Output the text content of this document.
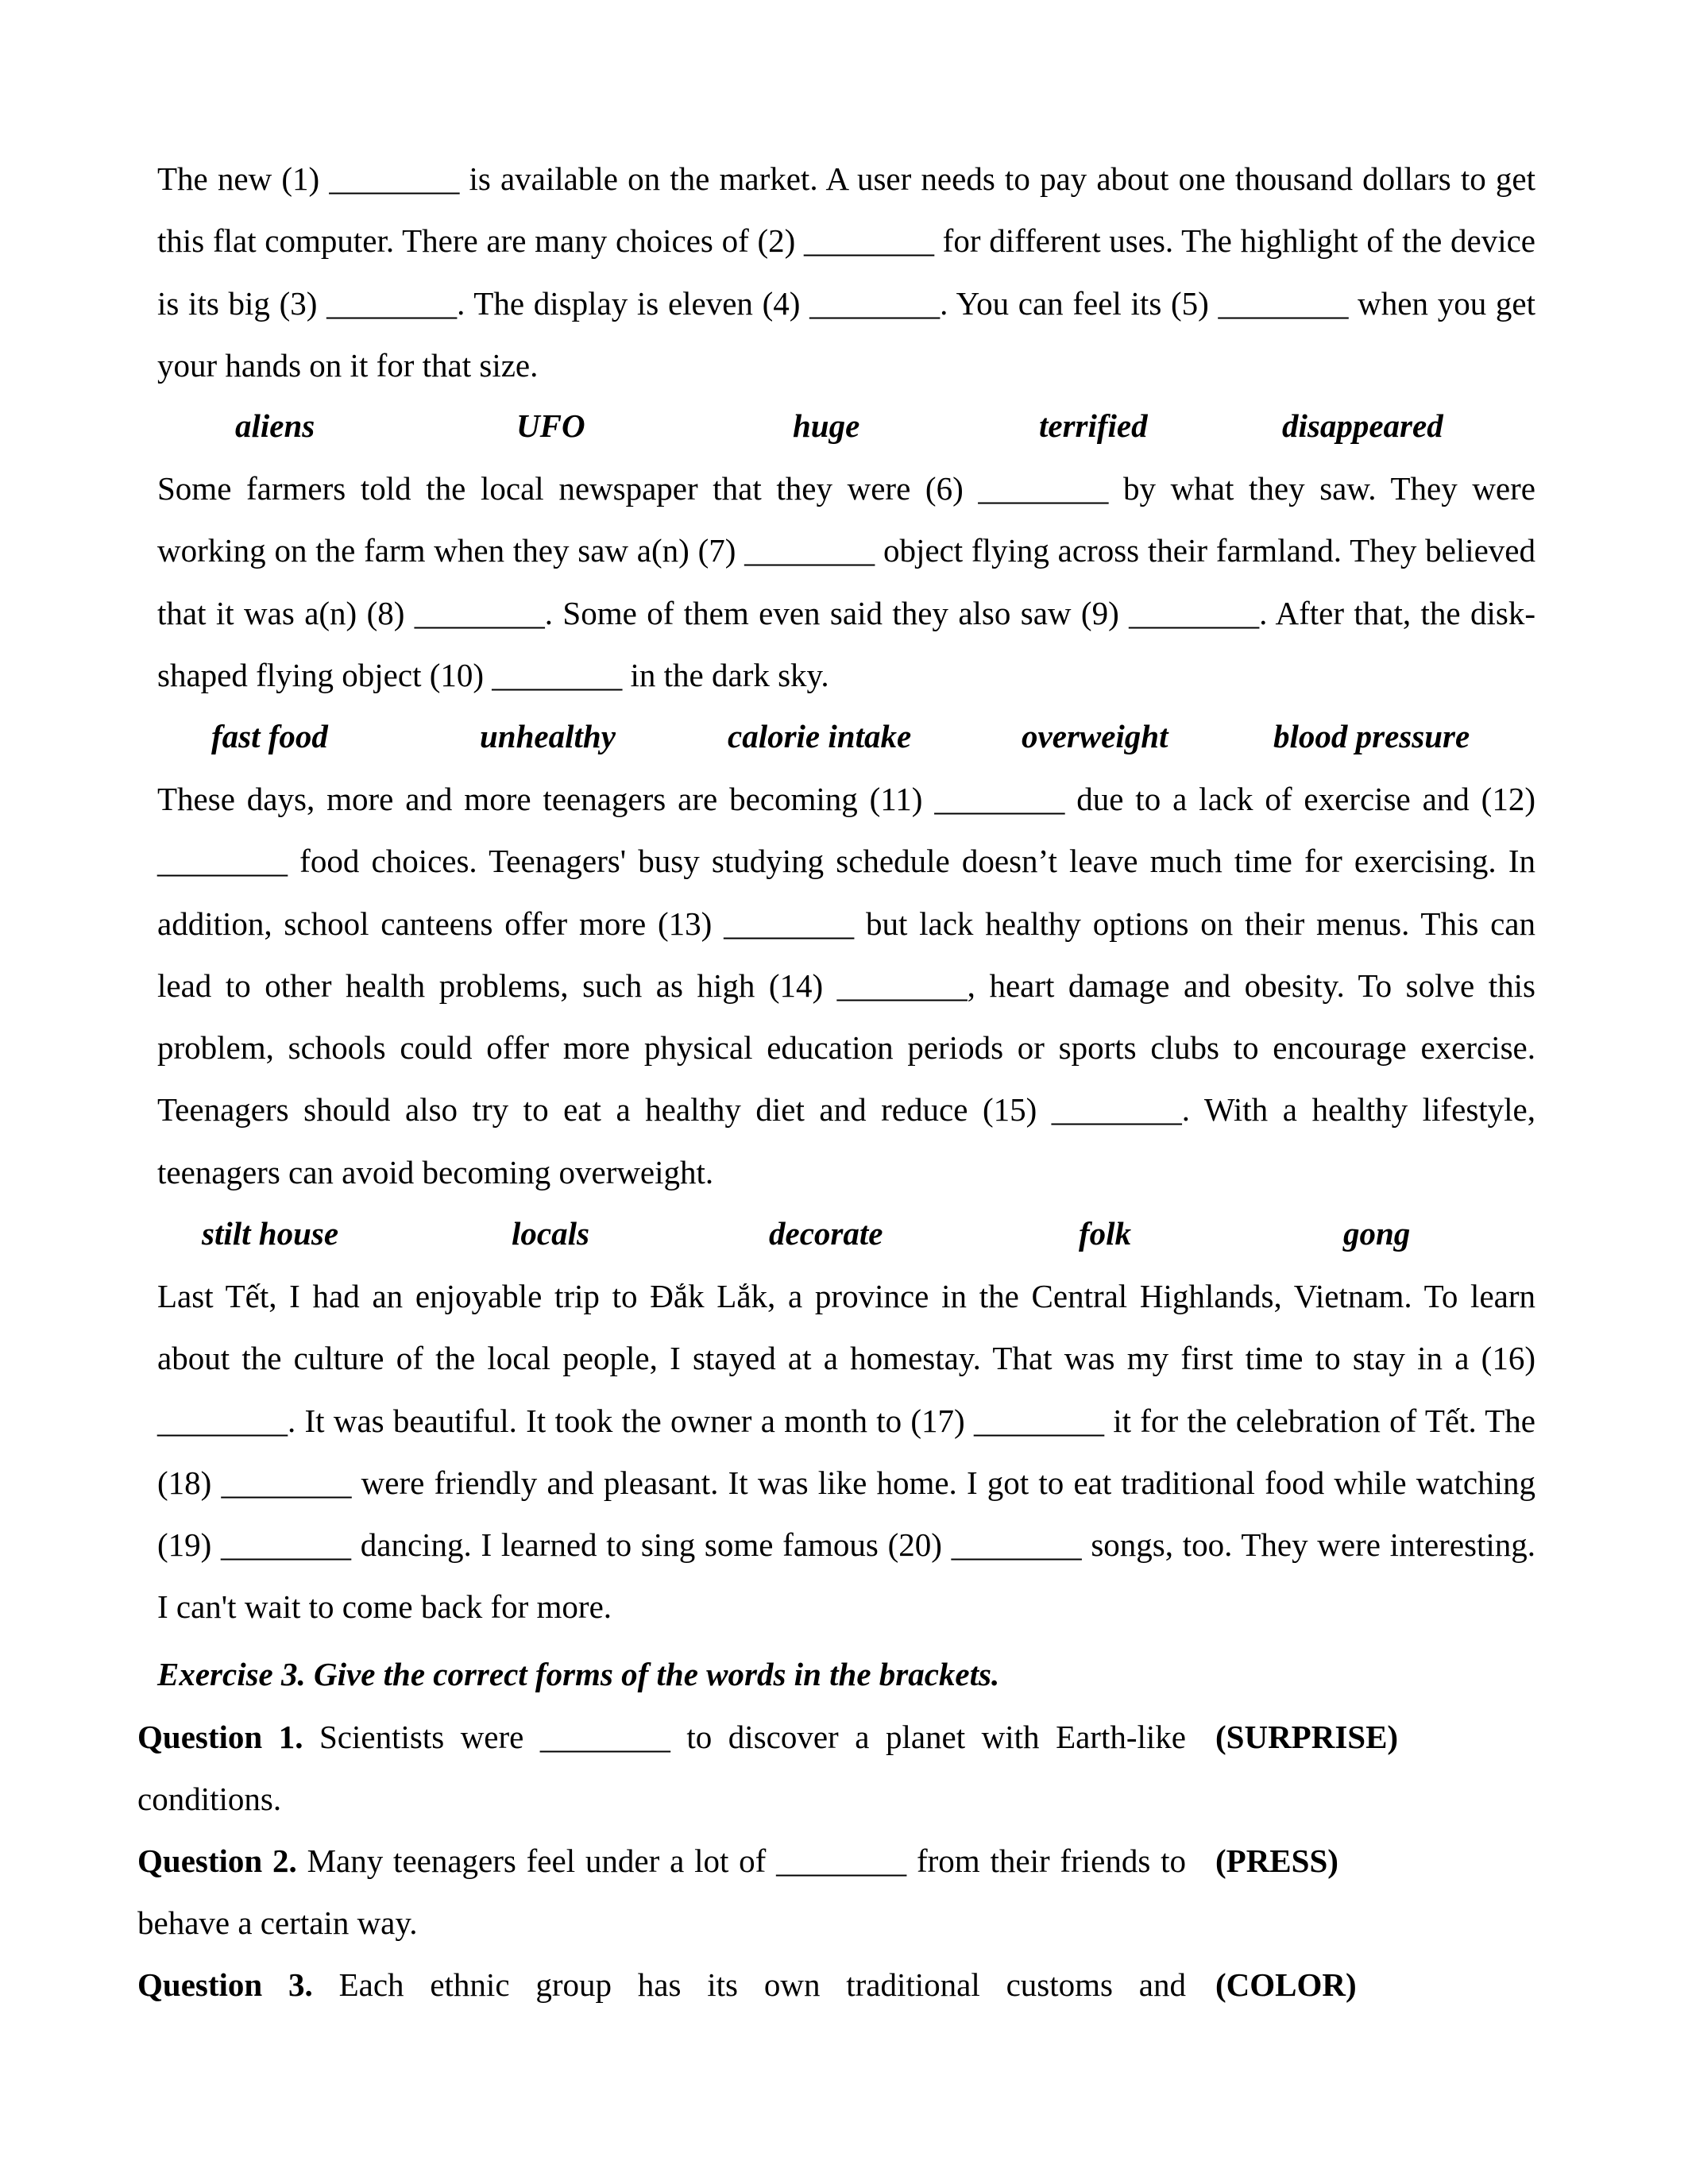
The new (1) ________ is available on the market. A user needs to pay about one thousand dollars to get this flat computer. There are many choices of (2) ________ for different uses. The highlight of the device is its big (3) ________. The display is eleven (4) ________. You can feel its (5) ________ when you get your hands on it for that size.

aliens	UFO	huge	terrified	disappeared

Some farmers told the local newspaper that they were (6) ________ by what they saw. They were working on the farm when they saw a(n) (7) ________ object flying across their farmland. They believed that it was a(n) (8) ________. Some of them even said they also saw (9) ________. After that, the disk-shaped flying object (10) ________ in the dark sky.

fast food	unhealthy	calorie intake	overweight	blood pressure

These days, more and more teenagers are becoming (11) ________ due to a lack of exercise and (12) ________ food choices. Teenagers' busy studying schedule doesn’t leave much time for exercising. In addition, school canteens offer more (13) ________ but lack healthy options on their menus. This can lead to other health problems, such as high (14) ________, heart damage and obesity. To solve this problem, schools could offer more physical education periods or sports clubs to encourage exercise. Teenagers should also try to eat a healthy diet and reduce (15) ________. With a healthy lifestyle, teenagers can avoid becoming overweight.

stilt house	locals	decorate	folk	gong

Last Tết, I had an enjoyable trip to Đắk Lắk, a province in the Central Highlands, Vietnam. To learn about the culture of the local people, I stayed at a homestay. That was my first time to stay in a (16) ________. It was beautiful. It took the owner a month to (17) ________ it for the celebration of Tết. The (18) ________ were friendly and pleasant. It was like home. I got to eat traditional food while watching (19) ________ dancing. I learned to sing some famous (20) ________ songs, too. They were interesting. I can't wait to come back for more.

Exercise 3. Give the correct forms of the words in the brackets.

Question 1. Scientists were ________ to discover a planet with Earth-like conditions.

(SURPRISE)

Question 2. Many teenagers feel under a lot of ________ from their friends to behave a certain way.

(PRESS)

Question 3. Each ethnic group has its own traditional customs and (COLOR)
